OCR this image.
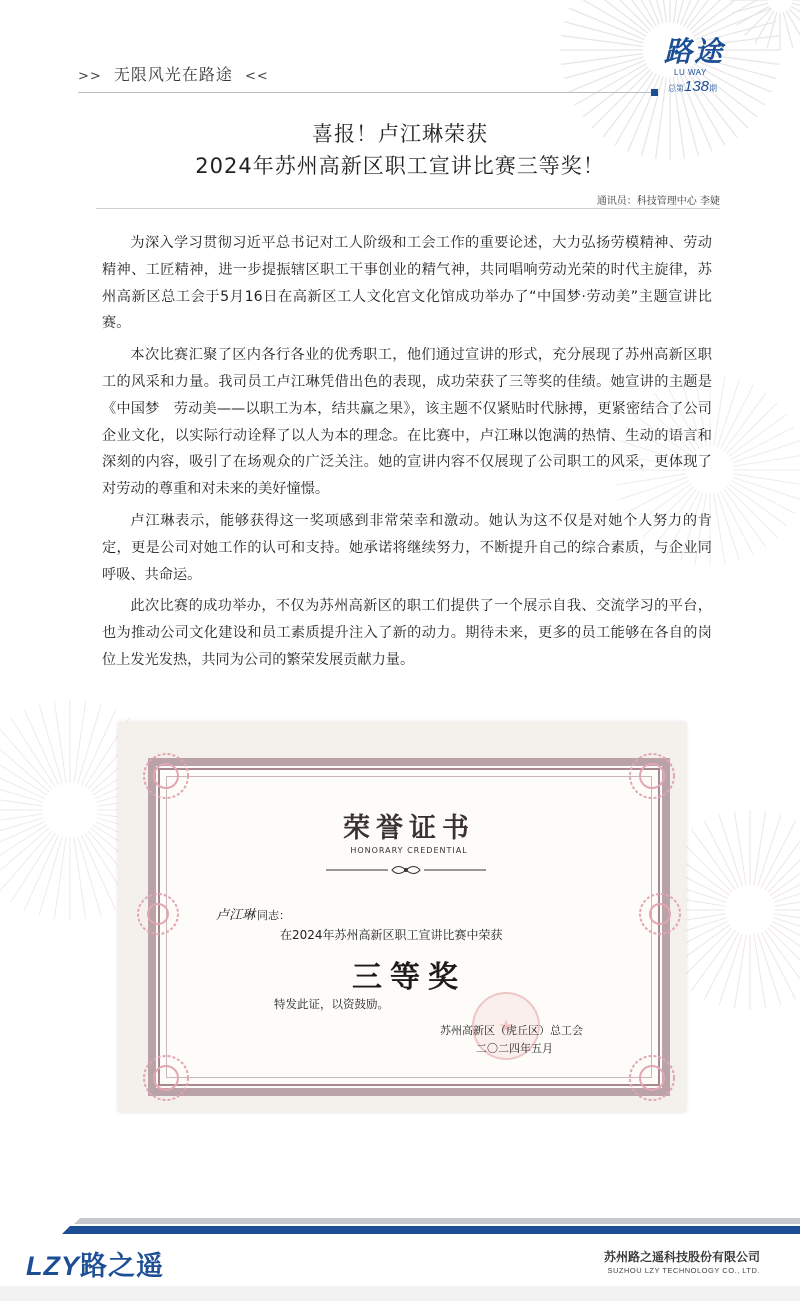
>> 无限风光在路途 <<
路途
LU WAY
总第138期
喜报！卢江琳荣获
2024年苏州高新区职工宣讲比赛三等奖！
通讯员：科技管理中心 李婕

为深入学习贯彻习近平总书记对工人阶级和工会工作的重要论述，大力弘扬劳模精神、劳动精神、工匠精神，进一步提振辖区职工干事创业的精气神，共同唱响劳动光荣的时代主旋律，苏州高新区总工会于5月16日在高新区工人文化宫文化馆成功举办了“中国梦·劳动美”主题宣讲比赛。

本次比赛汇聚了区内各行各业的优秀职工，他们通过宣讲的形式，充分展现了苏州高新区职工的风采和力量。我司员工卢江琳凭借出色的表现，成功荣获了三等奖的佳绩。她宣讲的主题是《中国梦　劳动美——以职工为本，结共赢之果》，该主题不仅紧贴时代脉搏，更紧密结合了公司企业文化，以实际行动诠释了以人为本的理念。在比赛中，卢江琳以饱满的热情、生动的语言和深刻的内容，吸引了在场观众的广泛关注。她的宣讲内容不仅展现了公司职工的风采，更体现了对劳动的尊重和对未来的美好憧憬。

卢江琳表示，能够获得这一奖项感到非常荣幸和激动。她认为这不仅是对她个人努力的肯定，更是公司对她工作的认可和支持。她承诺将继续努力，不断提升自己的综合素质，与企业同呼吸、共命运。

此次比赛的成功举办，不仅为苏州高新区的职工们提供了一个展示自我、交流学习的平台，也为推动公司文化建设和员工素质提升注入了新的动力。期待未来，更多的员工能够在各自的岗位上发光发热，共同为公司的繁荣发展贡献力量。

荣誉证书
HONORARY CREDENTIAL
卢江琳 同志：
在2024年苏州高新区职工宣讲比赛中荣获
三等奖
特发此证，以资鼓励。
苏州高新区（虎丘区）总工会
二〇二四年五月
LZY路之遥	苏州路之遥科技股份有限公司
SUZHOU LZY TECHNOLOGY CO., LTD.
